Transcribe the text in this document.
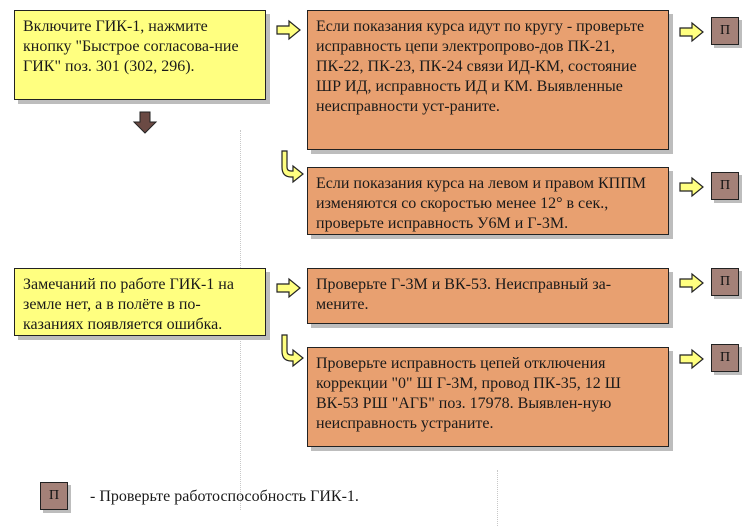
Включите ГИК-1, нажмите кнопку "Быстрое согласова-ние ГИК" поз. 301 (302, 296).
Замечаний по работе ГИК-1 на земле нет, а в полёте в по-казаниях появляется ошибка.
Если показания курса идут по кругу - проверьте исправность цепи электропрово-дов ПК-21, ПК-22, ПК-23, ПК-24 связи ИД-КМ, состояние ШР ИД, исправность ИД и КМ. Выявленные неисправности уст-раните.
Если показания курса на левом и правом КППМ изменяются со скоростью менее 12° в сек., проверьте исправность У6М и Г-3М.
Проверьте Г-3М и ВК-53. Неисправный за-мените.
Проверьте исправность цепей отключения коррекции "0" Ш Г-3М, провод ПК-35, 12 Ш ВК-53 РШ "АГБ" поз. 17978. Выявлен-ную неисправность устраните.
П
П
П
П
П	- Проверьте работоспособность ГИК-1.
